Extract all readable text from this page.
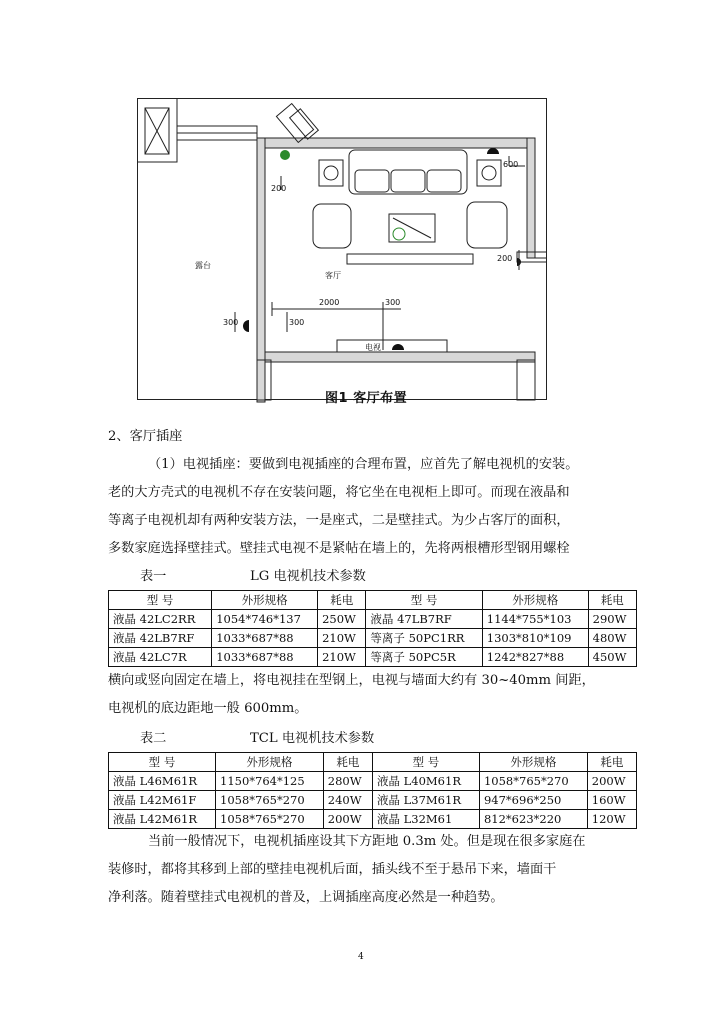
露台
客厅
2000	300
300	300
200
600
200
电视
图1 客厅布置
2、客厅插座
（1）电视插座：要做到电视插座的合理布置，应首先了解电视机的安装。
老的大方壳式的电视机不存在安装问题，将它坐在电视柜上即可。而现在液晶和
等离子电视机却有两种安装方法，一是座式，二是壁挂式。为少占客厅的面积，
多数家庭选择壁挂式。壁挂式电视不是紧帖在墙上的，先将两根槽形型钢用螺栓
表一	LG 电视机技术参数
型 号	外形规格	耗电	型 号	外形规格	耗电
液晶 42LC2RR	1054*746*137	250W	液晶 47LB7RF	1144*755*103	290W
液晶 42LB7RF	1033*687*88	210W	等离子 50PC1RR	1303*810*109	480W
液晶 42LC7R	1033*687*88	210W	等离子 50PC5R	1242*827*88	450W
横向或竖向固定在墙上，将电视挂在型钢上，电视与墙面大约有 30~40mm 间距，
电视机的底边距地一般 600mm。
表二	TCL 电视机技术参数
型 号	外形规格	耗电	型 号	外形规格	耗电
液晶 L46M61R	1150*764*125	280W	液晶 L40M61R	1058*765*270	200W
液晶 L42M61F	1058*765*270	240W	液晶 L37M61R	947*696*250	160W
液晶 L42M61R	1058*765*270	200W	液晶 L32M61	812*623*220	120W
当前一般情况下，电视机插座设其下方距地 0.3m 处。但是现在很多家庭在
装修时，都将其移到上部的壁挂电视机后面，插头线不至于悬吊下来，墙面干
净利落。随着壁挂式电视机的普及，上调插座高度必然是一种趋势。
4
